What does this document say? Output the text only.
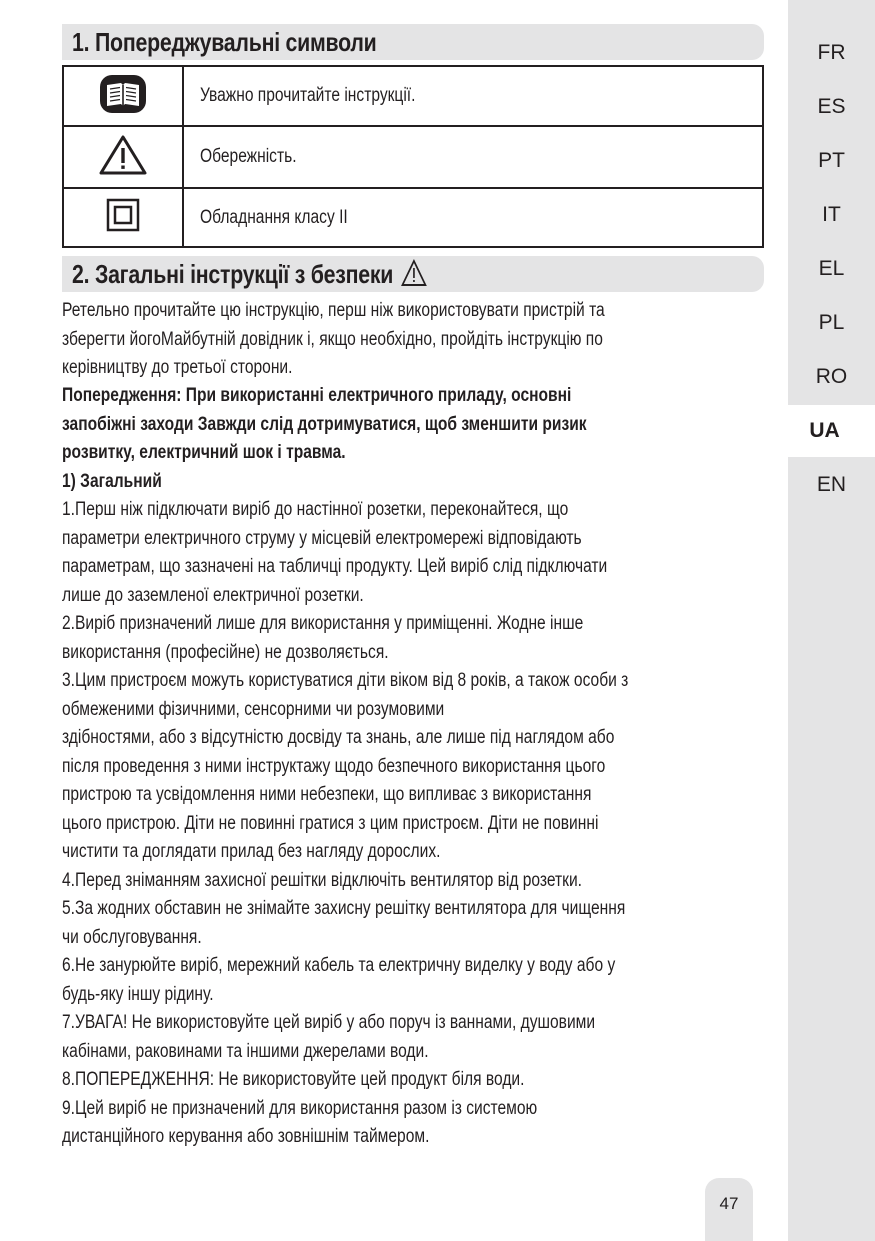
1. Попереджувальні символи
	Уважно прочитайте інструкції.
	Обережність.
	Обладнання класу ІІ
2. Загальні інструкції з безпеки
Ретельно прочитайте цю інструкцію, перш ніж використовувати пристрій та
зберегти йогоМайбутній довідник і, якщо необхідно, пройдіть інструкцію по
керівництву до третьої сторони.
Попередження: При використанні електричного приладу, основні
запобіжні заходи Завжди слід дотримуватися, щоб зменшити ризик
розвитку, електричний шок і травма.
1) Загальний
1.Перш ніж підключати виріб до настінної розетки, переконайтеся, що
параметри електричного струму у місцевій електромережі відповідають
параметрам, що зазначені на табличці продукту. Цей виріб слід підключати
лише до заземленої електричної розетки.
2.Виріб призначений лише для використання у приміщенні. Жодне інше
використання (професійне) не дозволяється.
3.Цим пристроєм можуть користуватися діти віком від 8 років, а також особи з
обмеженими фізичними, сенсорними чи розумовими
здібностями, або з відсутністю досвіду та знань, але лише під наглядом або
після проведення з ними інструктажу щодо безпечного використання цього
пристрою та усвідомлення ними небезпеки, що випливає з використання
цього пристрою. Діти не повинні гратися з цим пристроєм. Діти не повинні
чистити та доглядати прилад без нагляду дорослих.
4.Перед зніманням захисної решітки відключіть вентилятор від розетки.
5.За жодних обставин не знімайте захисну решітку вентилятора для чищення
чи обслуговування.
6.Не занурюйте виріб, мережний кабель та електричну виделку у воду або у
будь-яку іншу рідину.
7.УВАГА! Не використовуйте цей виріб у або поруч із ваннами, душовими
кабінами, раковинами та іншими джерелами води.
8.ПОПЕРЕДЖЕННЯ: Не використовуйте цей продукт біля води.
9.Цей виріб не призначений для використання разом із системою
дистанційного керування або зовнішнім таймером.
FR
ES
PT
IT
EL
PL
RO
UA
EN
47
